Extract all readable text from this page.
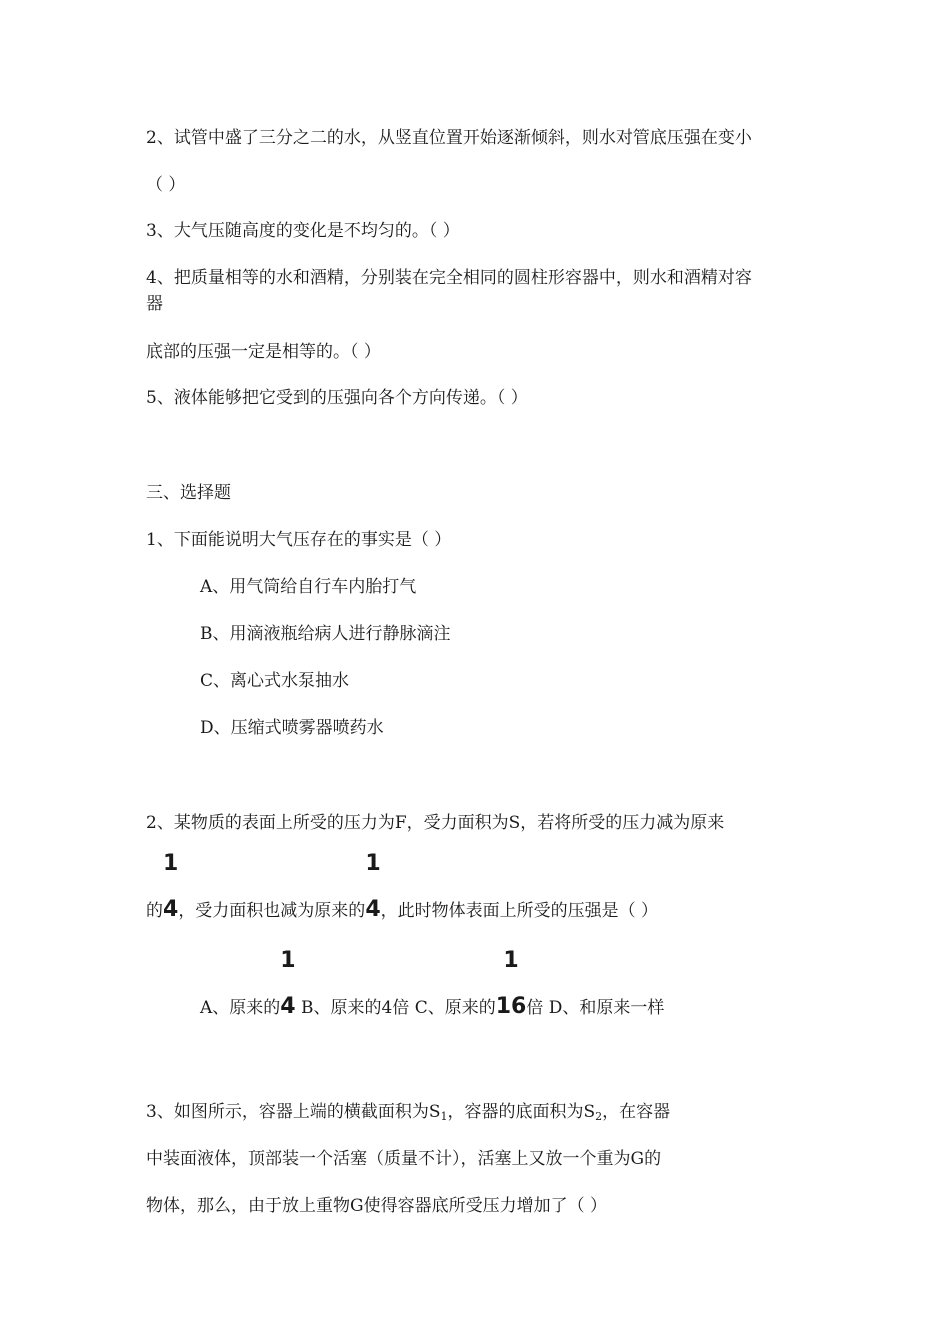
2、试管中盛了三分之二的水，从竖直位置开始逐渐倾斜，则水对管底压强在变小
（ ）
3、大气压随高度的变化是不均匀的。（ ）
4、把质量相等的水和酒精，分别装在完全相同的圆柱形容器中，则水和酒精对容
器
底部的压强一定是相等的。（ ）
5、液体能够把它受到的压强向各个方向传递。（ ）
三、选择题
1、下面能说明大气压存在的事实是（ ）
A、用气筒给自行车内胎打气
B、用滴液瓶给病人进行静脉滴注
C、离心式水泵抽水
D、压缩式喷雾器喷药水
2、某物质的表面上所受的压力为F，受力面积为S，若将所受的压力减为原来
的
1
4，受力面积也减为原来的
1
4，此时物体表面上所受的压强是（ ）
A、原来的
1
4 B、原来的4倍 C、原来的
1
16倍 D、和原来一样
3、如图所示，容器上端的横截面积为$S_1$，容器的底面积为$S_2$，在容器
中装面液体，顶部装一个活塞（质量不计），活塞上又放一个重为G的
物体，那么，由于放上重物G使得容器底所受压力增加了（ ）
